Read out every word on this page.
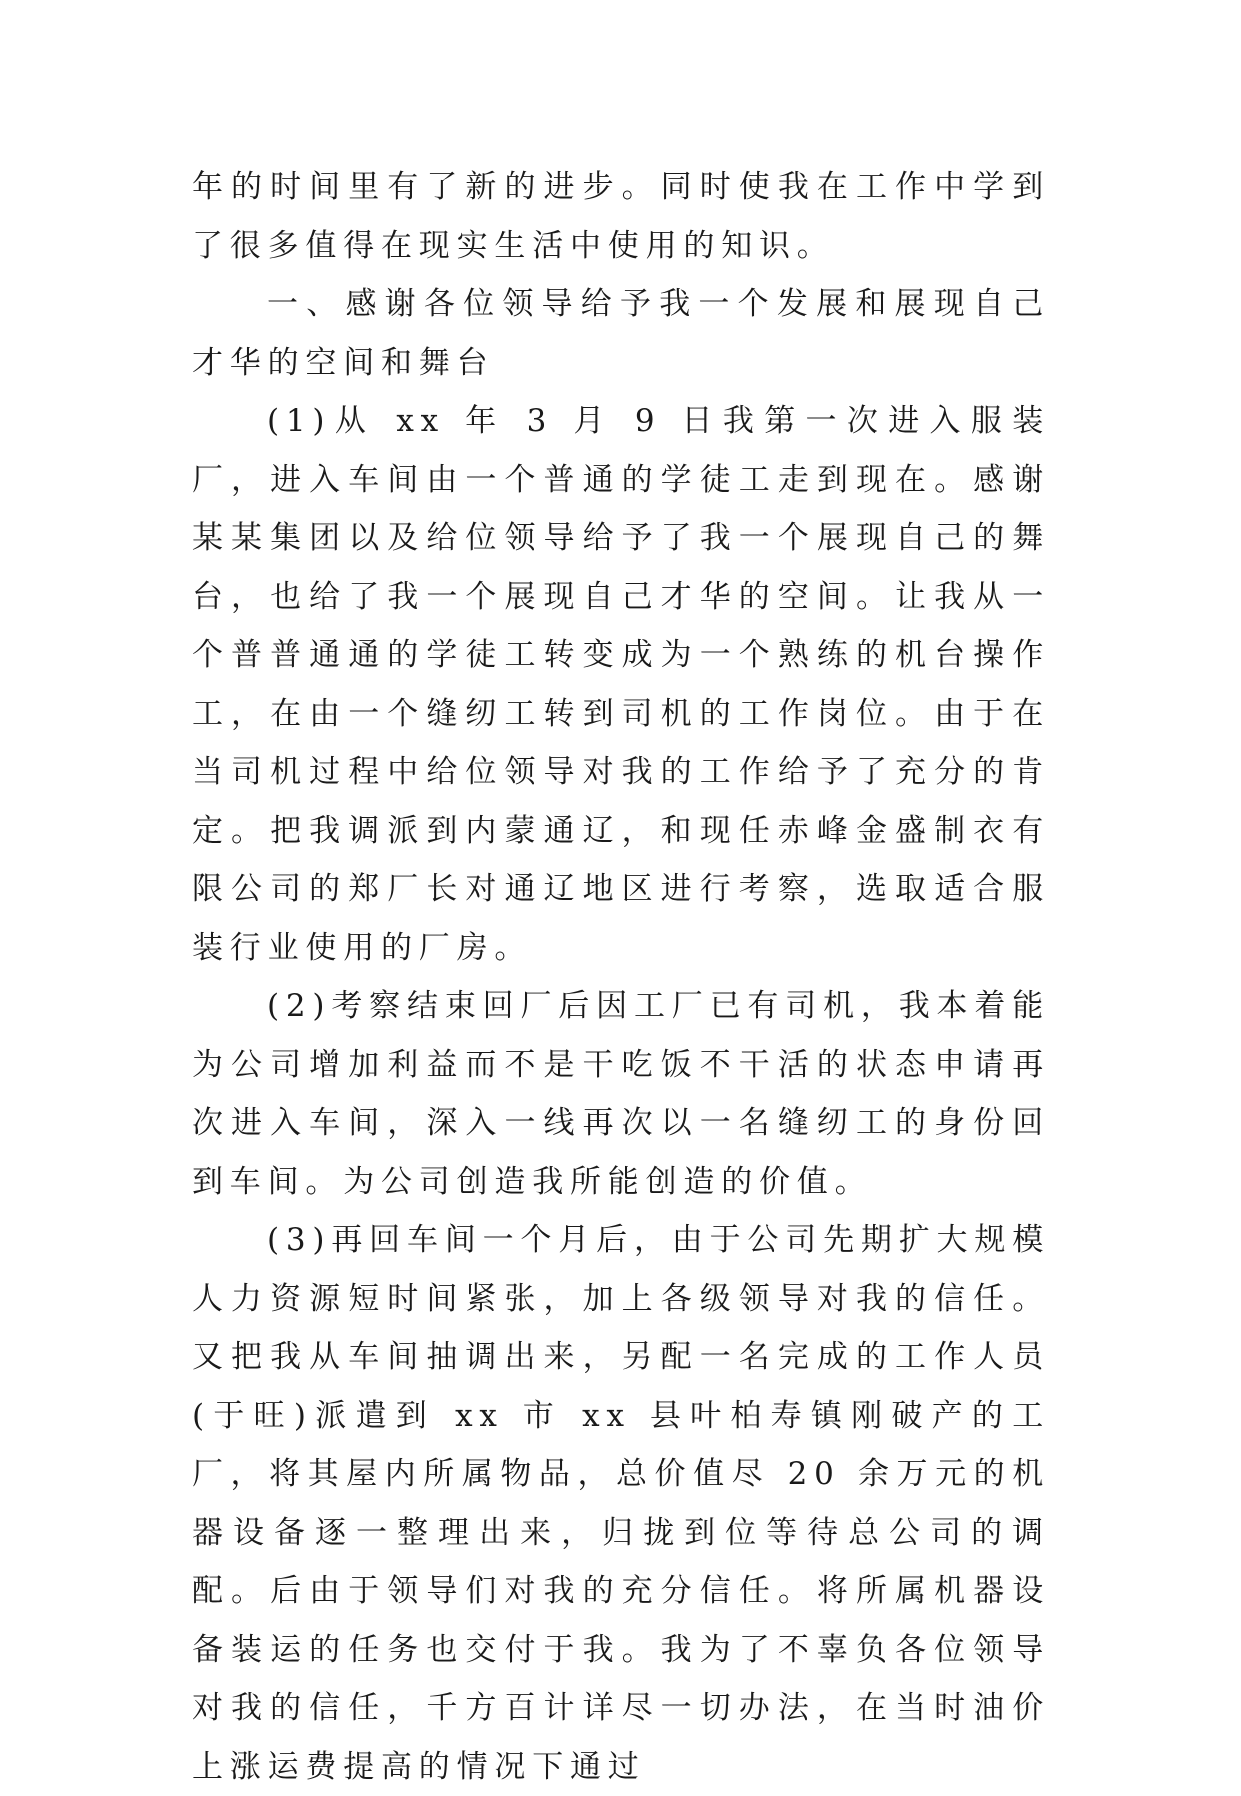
年的时间里有了新的进步。同时使我在工作中学到了很多值得在现实生活中使用的知识。

一、感谢各位领导给予我一个发展和展现自己才华的空间和舞台

(1)从 xx 年 3 月 9 日我第一次进入服装厂，进入车间由一个普通的学徒工走到现在。感谢某某集团以及给位领导给予了我一个展现自己的舞台，也给了我一个展现自己才华的空间。让我从一个普普通通的学徒工转变成为一个熟练的机台操作工，在由一个缝纫工转到司机的工作岗位。由于在当司机过程中给位领导对我的工作给予了充分的肯定。把我调派到内蒙通辽，和现任赤峰金盛制衣有限公司的郑厂长对通辽地区进行考察，选取适合服装行业使用的厂房。

(2)考察结束回厂后因工厂已有司机，我本着能为公司增加利益而不是干吃饭不干活的状态申请再次进入车间，深入一线再次以一名缝纫工的身份回到车间。为公司创造我所能创造的价值。

(3)再回车间一个月后，由于公司先期扩大规模人力资源短时间紧张，加上各级领导对我的信任。又把我从车间抽调出来，另配一名完成的工作人员(于旺)派遣到 xx 市 xx 县叶柏寿镇刚破产的工厂，将其屋内所属物品，总价值尽 20 余万元的机器设备逐一整理出来，归拢到位等待总公司的调配。后由于领导们对我的充分信任。将所属机器设备装运的任务也交付于我。我为了不辜负各位领导对我的信任，千方百计详尽一切办法，在当时油价上涨运费提高的情况下通过
